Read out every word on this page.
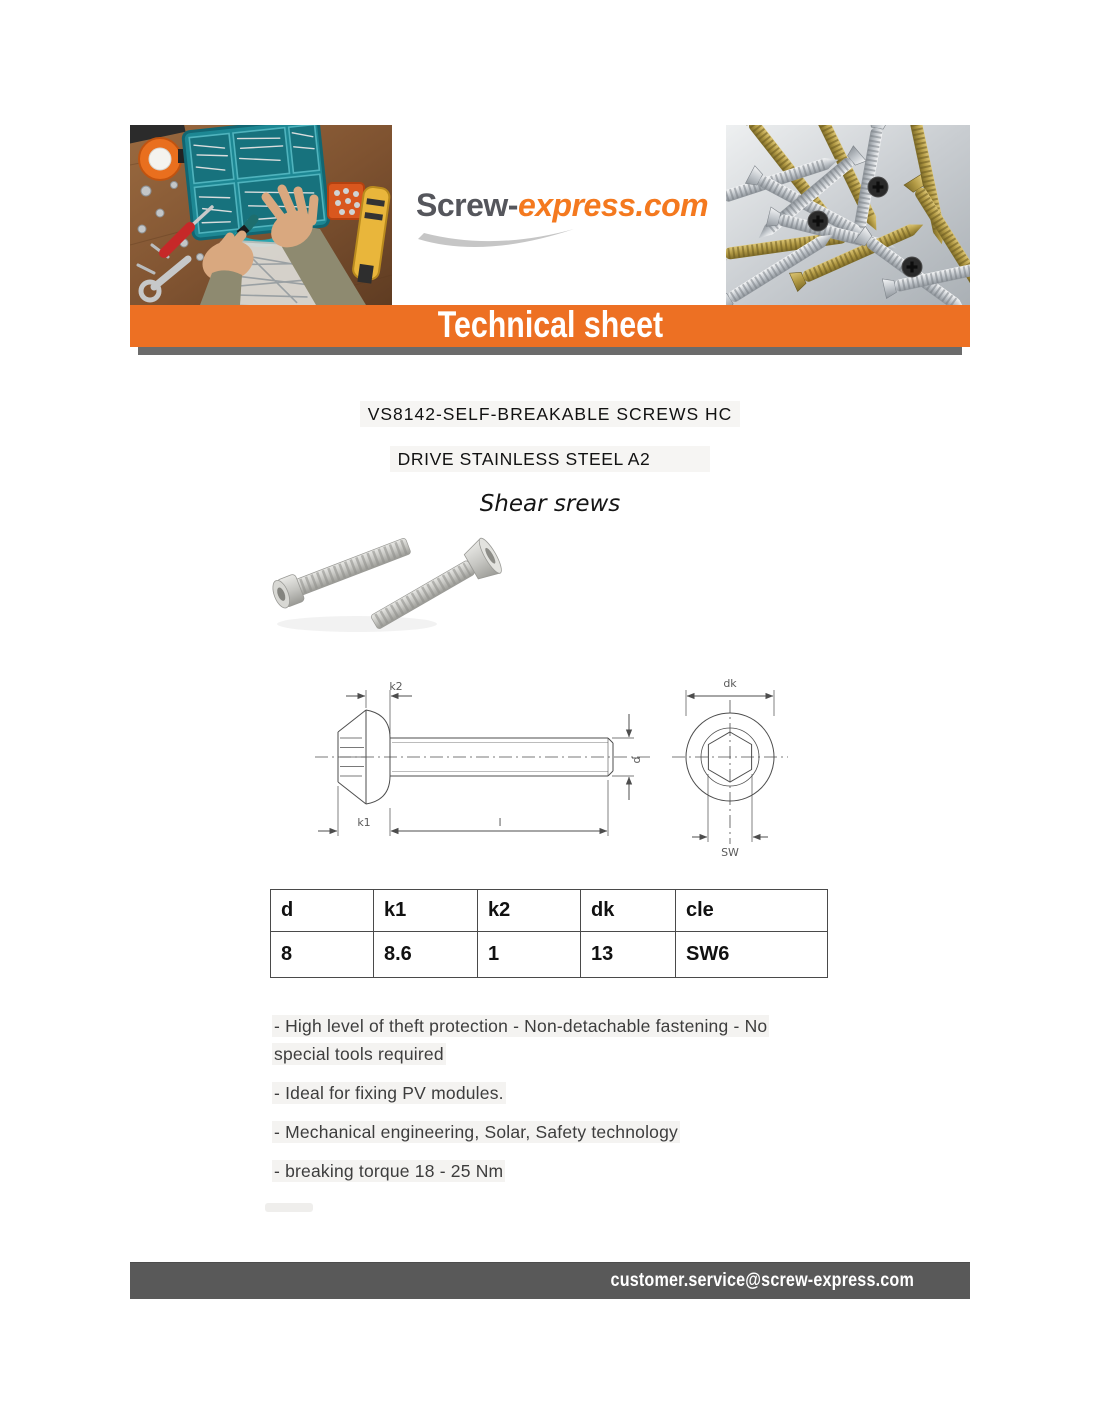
Screw-express.com
Technical sheet
VS8142-SELF-BREAKABLE SCREWS HC
DRIVE STAINLESS STEEL A2
Shear srews
k2
k1	l
d
dk
SW
d	k1	k2	dk	cle
8	8.6	1	13	SW6

- High level of theft protection - Non-detachable fastening - No special tools required

- Ideal for fixing PV modules.

- Mechanical engineering, Solar, Safety technology

- breaking torque 18 - 25 Nm

customer.service@screw-express.com
